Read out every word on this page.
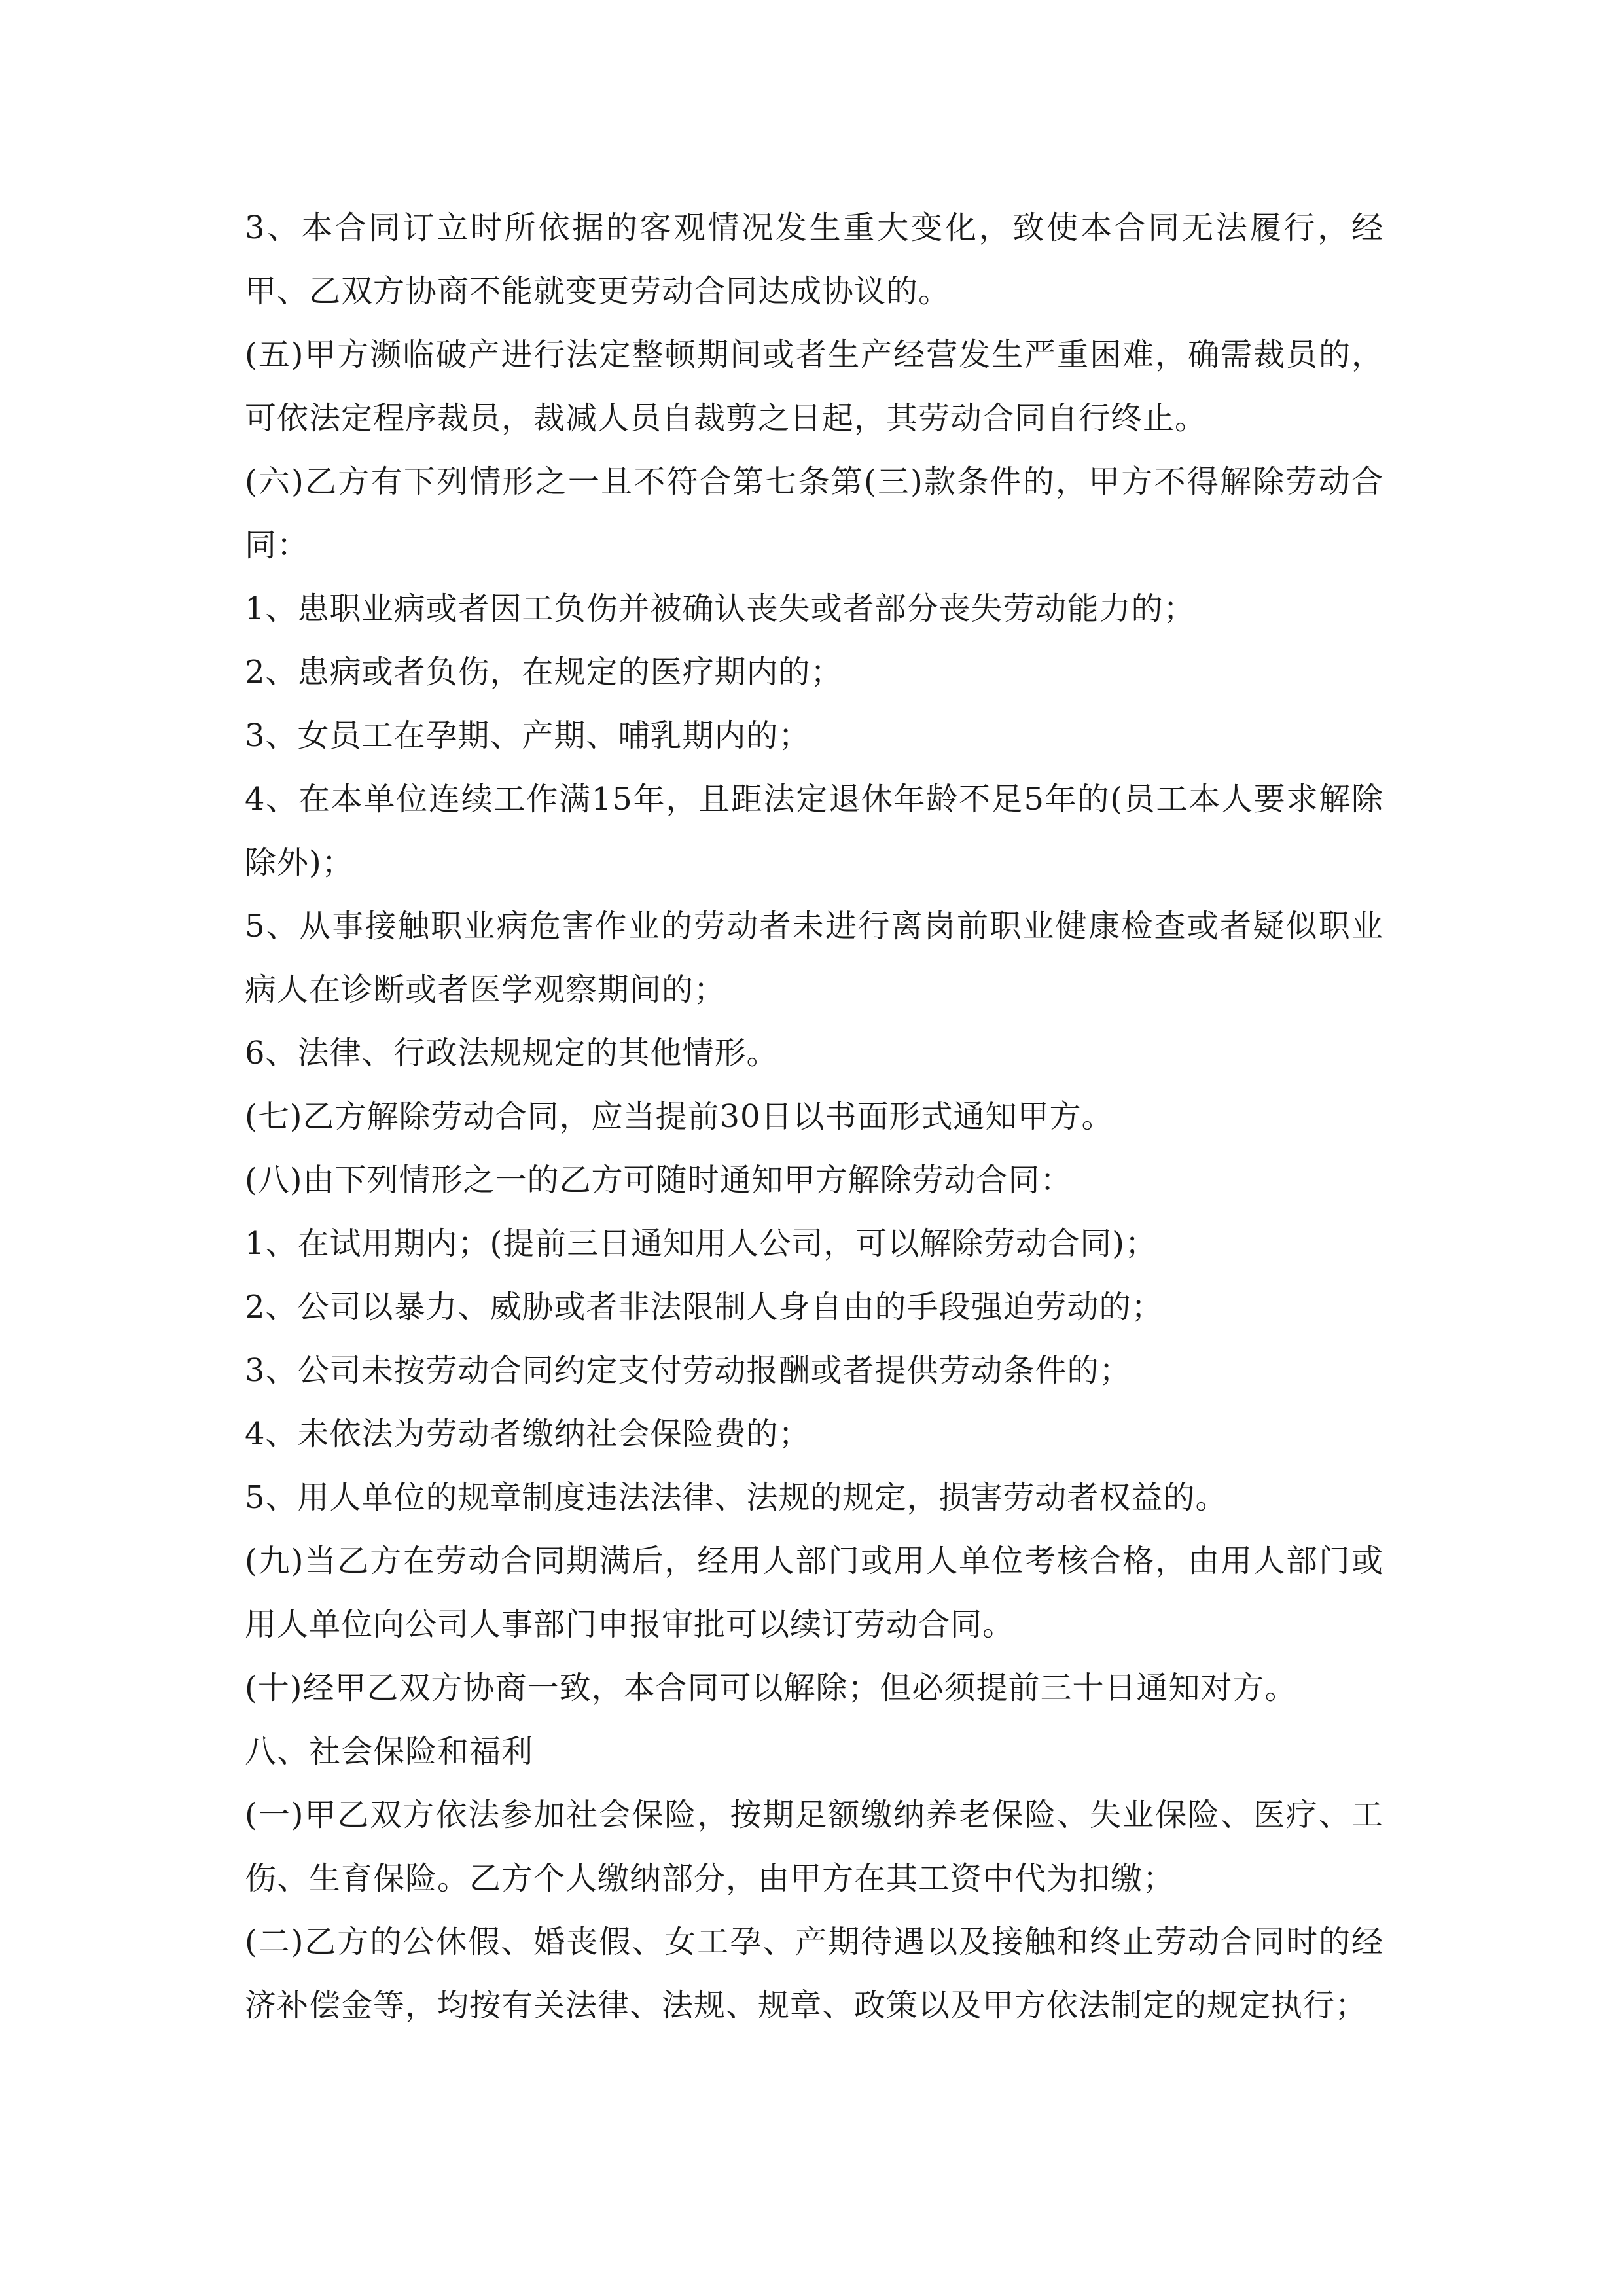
3、本合同订立时所依据的客观情况发生重大变化，致使本合同无法履行，经甲、乙双方协商不能就变更劳动合同达成协议的。

(五)甲方濒临破产进行法定整顿期间或者生产经营发生严重困难，确需裁员的，可依法定程序裁员，裁减人员自裁剪之日起，其劳动合同自行终止。

(六)乙方有下列情形之一且不符合第七条第(三)款条件的，甲方不得解除劳动合同：

1、患职业病或者因工负伤并被确认丧失或者部分丧失劳动能力的；

2、患病或者负伤，在规定的医疗期内的；

3、女员工在孕期、产期、哺乳期内的；

4、在本单位连续工作满15年，且距法定退休年龄不足5年的(员工本人要求解除除外)；

5、从事接触职业病危害作业的劳动者未进行离岗前职业健康检查或者疑似职业病人在诊断或者医学观察期间的；

6、法律、行政法规规定的其他情形。

(七)乙方解除劳动合同，应当提前30日以书面形式通知甲方。

(八)由下列情形之一的乙方可随时通知甲方解除劳动合同：

1、在试用期内；(提前三日通知用人公司，可以解除劳动合同)；

2、公司以暴力、威胁或者非法限制人身自由的手段强迫劳动的；

3、公司未按劳动合同约定支付劳动报酬或者提供劳动条件的；

4、未依法为劳动者缴纳社会保险费的；

5、用人单位的规章制度违法法律、法规的规定，损害劳动者权益的。

(九)当乙方在劳动合同期满后，经用人部门或用人单位考核合格，由用人部门或用人单位向公司人事部门申报审批可以续订劳动合同。

(十)经甲乙双方协商一致，本合同可以解除；但必须提前三十日通知对方。

八、社会保险和福利

(一)甲乙双方依法参加社会保险，按期足额缴纳养老保险、失业保险、医疗、工伤、生育保险。乙方个人缴纳部分，由甲方在其工资中代为扣缴；

(二)乙方的公休假、婚丧假、女工孕、产期待遇以及接触和终止劳动合同时的经济补偿金等，均按有关法律、法规、规章、政策以及甲方依法制定的规定执行；
